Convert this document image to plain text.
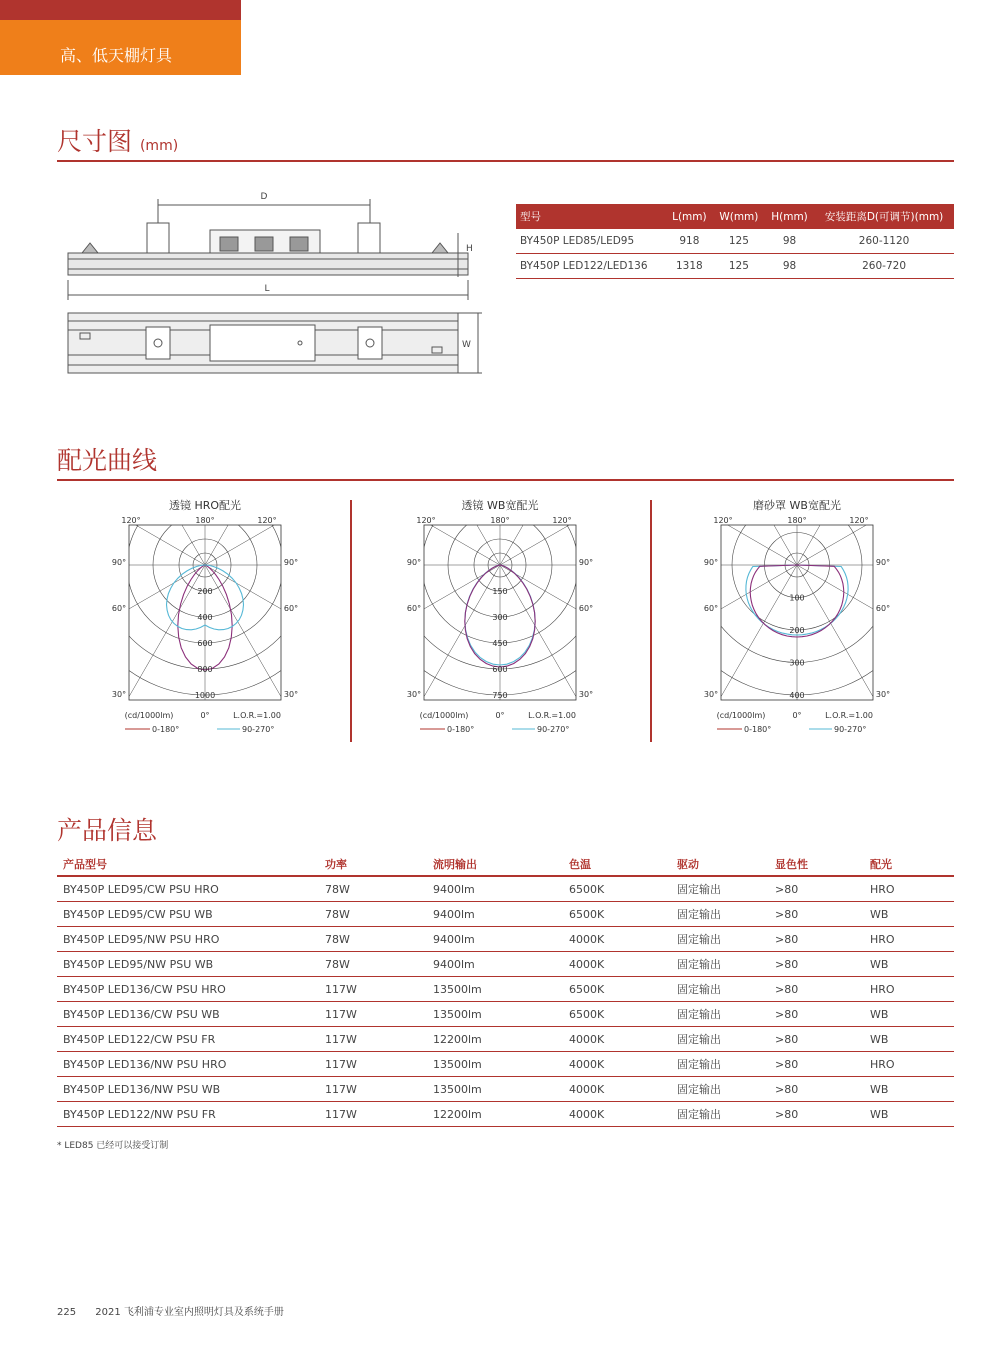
高、低天棚灯具
尺寸图 (mm)
D
L
H
W
型号	L(mm)	W(mm)	H(mm)	安装距离D(可调节)(mm)
BY450P LED85/LED95	918	125	98	260-1120
BY450P LED122/LED136	1318	125	98	260-720
配光曲线
透镜 HRO配光
200
400
600
800
1000
120°	180°	120°
90°	90°
60°	60°
30°	30°
(cd/1000lm)	0°	L.O.R.=1.00
0-180°	90-270°
透镜 WB宽配光
150
300
450
600
750
120°	180°	120°
90°	90°
60°	60°
30°	30°
(cd/1000lm)	0°	L.O.R.=1.00
0-180°	90-270°
磨砂罩 WB宽配光
100
200
300
400
120°	180°	120°
90°	90°
60°	60°
30°	30°
(cd/1000lm)	0°	L.O.R.=1.00
0-180°	90-270°
产品信息
产品型号	功率	流明输出	色温	驱动	显色性	配光
BY450P LED95/CW PSU HRO	78W	9400lm	6500K	固定输出	>80	HRO
BY450P LED95/CW PSU WB	78W	9400lm	6500K	固定输出	>80	WB
BY450P LED95/NW PSU HRO	78W	9400lm	4000K	固定输出	>80	HRO
BY450P LED95/NW PSU WB	78W	9400lm	4000K	固定输出	>80	WB
BY450P LED136/CW PSU HRO	117W	13500lm	6500K	固定输出	>80	HRO
BY450P LED136/CW PSU WB	117W	13500lm	6500K	固定输出	>80	WB
BY450P LED122/CW PSU FR	117W	12200lm	4000K	固定输出	>80	WB
BY450P LED136/NW PSU HRO	117W	13500lm	4000K	固定输出	>80	HRO
BY450P LED136/NW PSU WB	117W	13500lm	4000K	固定输出	>80	WB
BY450P LED122/NW PSU FR	117W	12200lm	4000K	固定输出	>80	WB
* LED85 已经可以接受订制
225 2021 飞利浦专业室内照明灯具及系统手册
